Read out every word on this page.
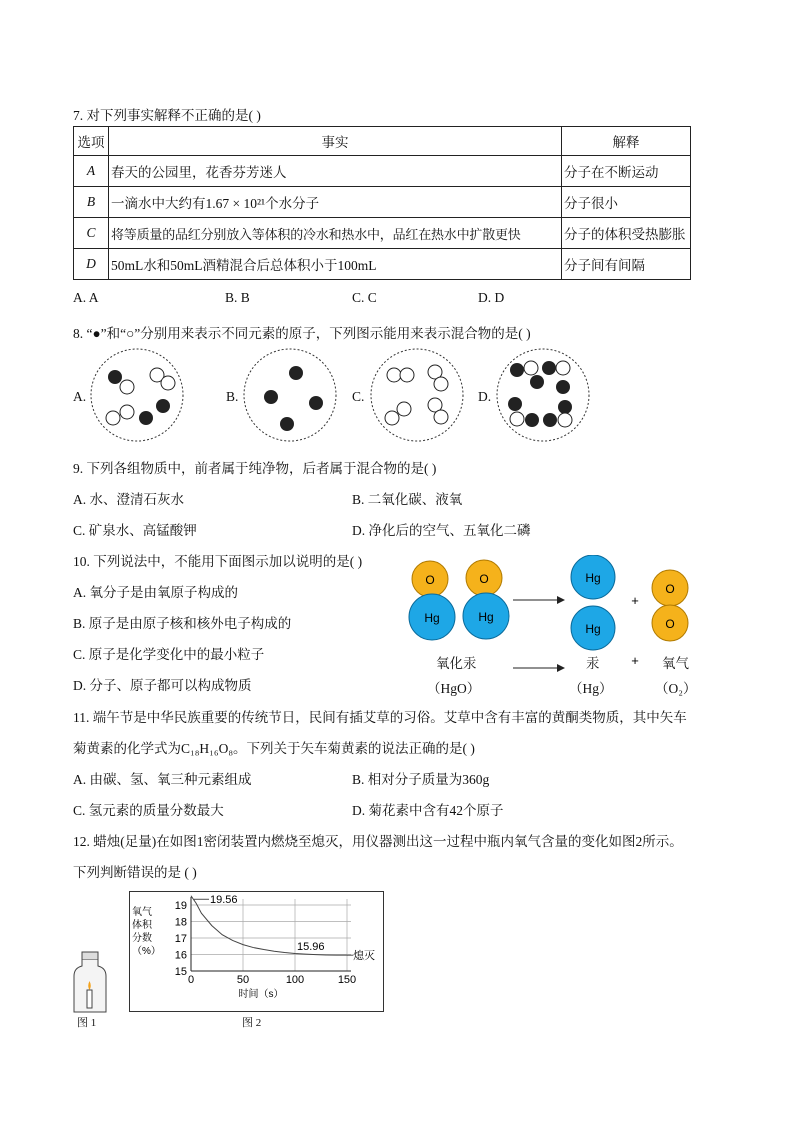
7. 对下列事实解释不正确的是( )
选项	事实	解释
A	春天的公园里，花香芬芳迷人	分子在不断运动
B	一滴水中大约有1.67 × 10²¹个水分子	分子很小
C	将等质量的品红分别放入等体积的冷水和热水中，品红在热水中扩散更快	分子的体积受热膨胀
D	50mL水和50mL酒精混合后总体积小于100mL	分子间有间隔
A. A	B. B	C. C	D. D
8. “●”和“○”分别用来表示不同元素的原子，下列图示能用来表示混合物的是( )
A.	B.	C.	D.
9. 下列各组物质中，前者属于纯净物，后者属于混合物的是( )
A. 水、澄清石灰水	B. 二氧化碳、液氧
C. 矿泉水、高锰酸钾	D. 净化后的空气、五氧化二磷
10. 下列说法中，不能用下面图示加以说明的是( )
A. 氧分子是由氧原子构成的
B. 原子是由原子核和核外电子构成的
C. 原子是化学变化中的最小粒子
D. 分子、原子都可以构成物质
O
Hg
O
Hg
Hg
Hg
+
O
O
+
氧化汞
（HgO）
汞
（Hg）
氧气
（O₂）
11. 端午节是中华民族重要的传统节日，民间有插艾草的习俗。艾草中含有丰富的黄酮类物质，其中矢车
菊黄素的化学式为C₁₈H₁₆O₈。下列关于矢车菊黄素的说法正确的是( )
A. 由碳、氢、氧三种元素组成	B. 相对分子质量为360g
C. 氢元素的质量分数最大	D. 菊花素中含有42个原子
12. 蜡烛(足量)在如图1密闭装置内燃烧至熄灭，用仪器测出这一过程中瓶内氧气含量的变化如图2所示。
下列判断错误的是 ( )
图 1
15
16
17
18
19
0	50	100	150
氧气
体积
分数
（%）
时间（s）
19.56
15.96
熄灭
图 2
